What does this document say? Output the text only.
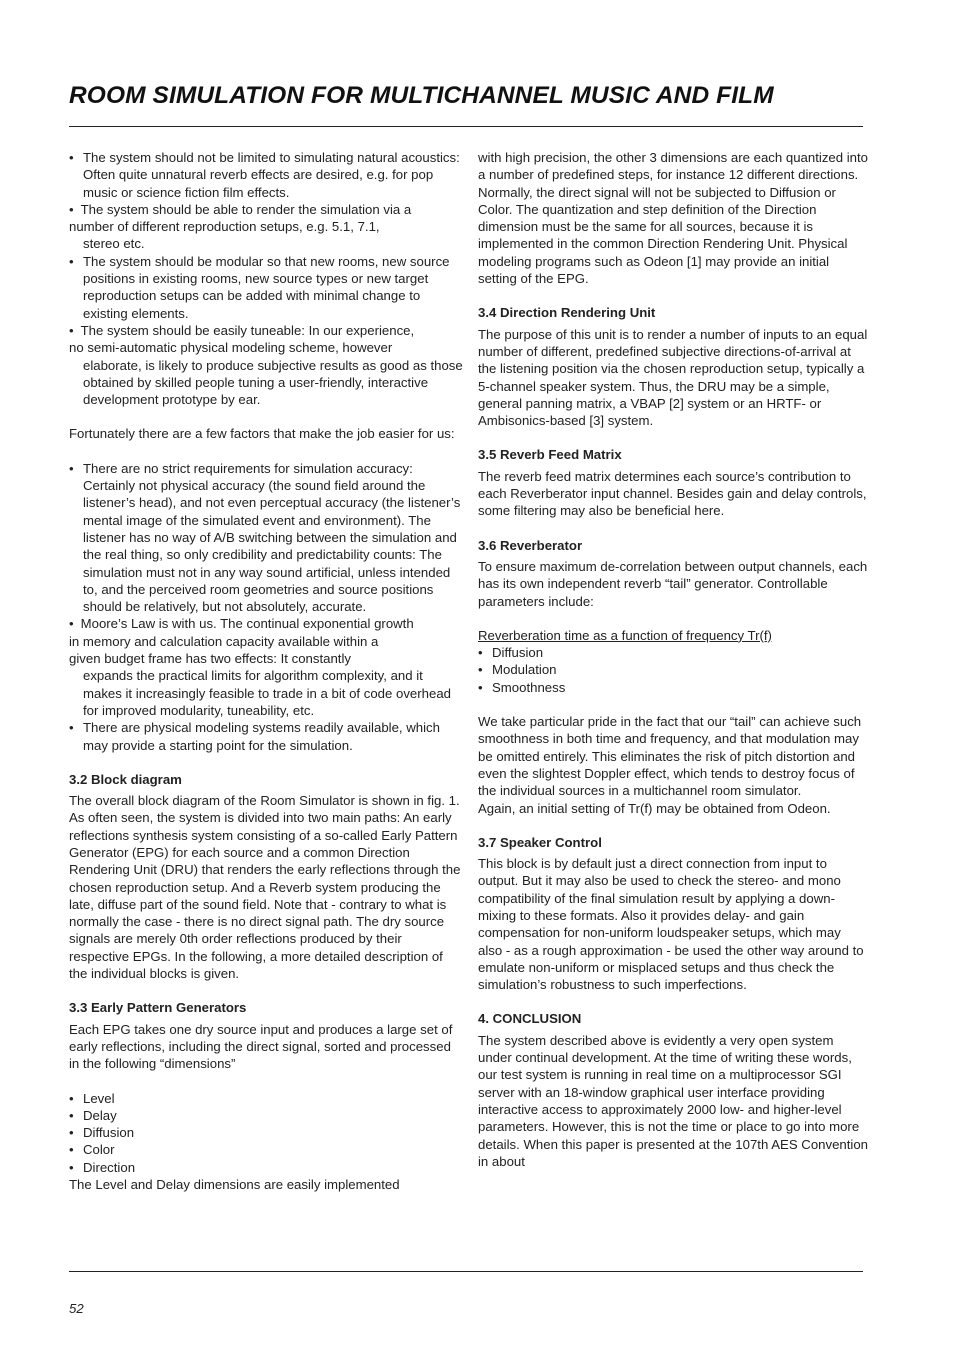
ROOM SIMULATION FOR MULTICHANNEL MUSIC AND FILM
• The system should not be limited to simulating natural acoustics: Often quite unnatural reverb effects are desired, e.g. for pop music or science fiction film effects.
• The system should be able to render the simulation via a
number of different reproduction setups, e.g. 5.1, 7.1,
stereo etc.
• The system should be modular so that new rooms, new source positions in existing rooms, new source types or new target reproduction setups can be added with minimal change to existing elements.
• The system should be easily tuneable: In our experience,
no semi-automatic physical modeling scheme, however
elaborate, is likely to produce subjective results as good as those obtained by skilled people tuning a user-friendly, interactive development prototype by ear.

Fortunately there are a few factors that make the job easier for us:

• There are no strict requirements for simulation accuracy: Certainly not physical accuracy (the sound field around the listener’s head), and not even perceptual accuracy (the listener’s mental image of the simulated event and environment). The listener has no way of A/B switching between the simulation and the real thing, so only credibility and predictability counts: The simulation must not in any way sound artificial, unless intended to, and the perceived room geometries and source positions should be relatively, but not absolutely, accurate.
• Moore’s Law is with us. The continual exponential growth
in memory and calculation capacity available within a
given budget frame has two effects: It constantly
expands the practical limits for algorithm complexity, and it makes it increasingly feasible to trade in a bit of code overhead for improved modularity, tuneability, etc.
• There are physical modeling systems readily available, which may provide a starting point for the simulation.
3.2 Block diagram

The overall block diagram of the Room Simulator is shown in fig. 1. As often seen, the system is divided into two main paths: An early reflections synthesis system consisting of a so-called Early Pattern Generator (EPG) for each source and a common Direction Rendering Unit (DRU) that renders the early reflections through the chosen reproduction setup. And a Reverb system producing the late, diffuse part of the sound field. Note that - contrary to what is normally the case - there is no direct signal path. The dry source signals are merely 0th order reflections produced by their respective EPGs. In the following, a more detailed description of the individual blocks is given.

3.3 Early Pattern Generators

Each EPG takes one dry source input and produces a large set of early reflections, including the direct signal, sorted and processed in the following “dimensions”

• Level
• Delay
• Diffusion
• Color
• Direction

The Level and Delay dimensions are easily implemented

with high precision, the other 3 dimensions are each quantized into a number of predefined steps, for instance 12 different directions. Normally, the direct signal will not be subjected to Diffusion or Color. The quantization and step definition of the Direction dimension must be the same for all sources, because it is implemented in the common Direction Rendering Unit. Physical modeling programs such as Odeon [1] may provide an initial setting of the EPG.

3.4 Direction Rendering Unit

The purpose of this unit is to render a number of inputs to an equal number of different, predefined subjective directions-of-arrival at the listening position via the chosen reproduction setup, typically a 5-channel speaker system. Thus, the DRU may be a simple, general panning matrix, a VBAP [2] system or an HRTF- or Ambisonics-based [3] system.

3.5 Reverb Feed Matrix

The reverb feed matrix determines each source’s contribution to each Reverberator input channel. Besides gain and delay controls, some filtering may also be beneficial here.

3.6 Reverberator

To ensure maximum de-correlation between output channels, each has its own independent reverb “tail” generator. Controllable parameters include:

Reverberation time as a function of frequency Tr(f)

• Diffusion
• Modulation
• Smoothness

We take particular pride in the fact that our “tail” can achieve such smoothness in both time and frequency, and that modulation may be omitted entirely. This eliminates the risk of pitch distortion and even the slightest Doppler effect, which tends to destroy focus of the individual sources in a multichannel room simulator.

Again, an initial setting of Tr(f) may be obtained from Odeon.

3.7 Speaker Control

This block is by default just a direct connection from input to output. But it may also be used to check the stereo- and mono compatibility of the final simulation result by applying a down-mixing to these formats. Also it provides delay- and gain compensation for non-uniform loudspeaker setups, which may also - as a rough approximation - be used the other way around to emulate non-uniform or misplaced setups and thus check the simulation’s robustness to such imperfections.

4. CONCLUSION

The system described above is evidently a very open system under continual development. At the time of writing these words, our test system is running in real time on a multiprocessor SGI server with an 18-window graphical user interface providing interactive access to approximately 2000 low- and higher-level parameters. However, this is not the time or place to go into more details. When this paper is presented at the 107th AES Convention in about

52
